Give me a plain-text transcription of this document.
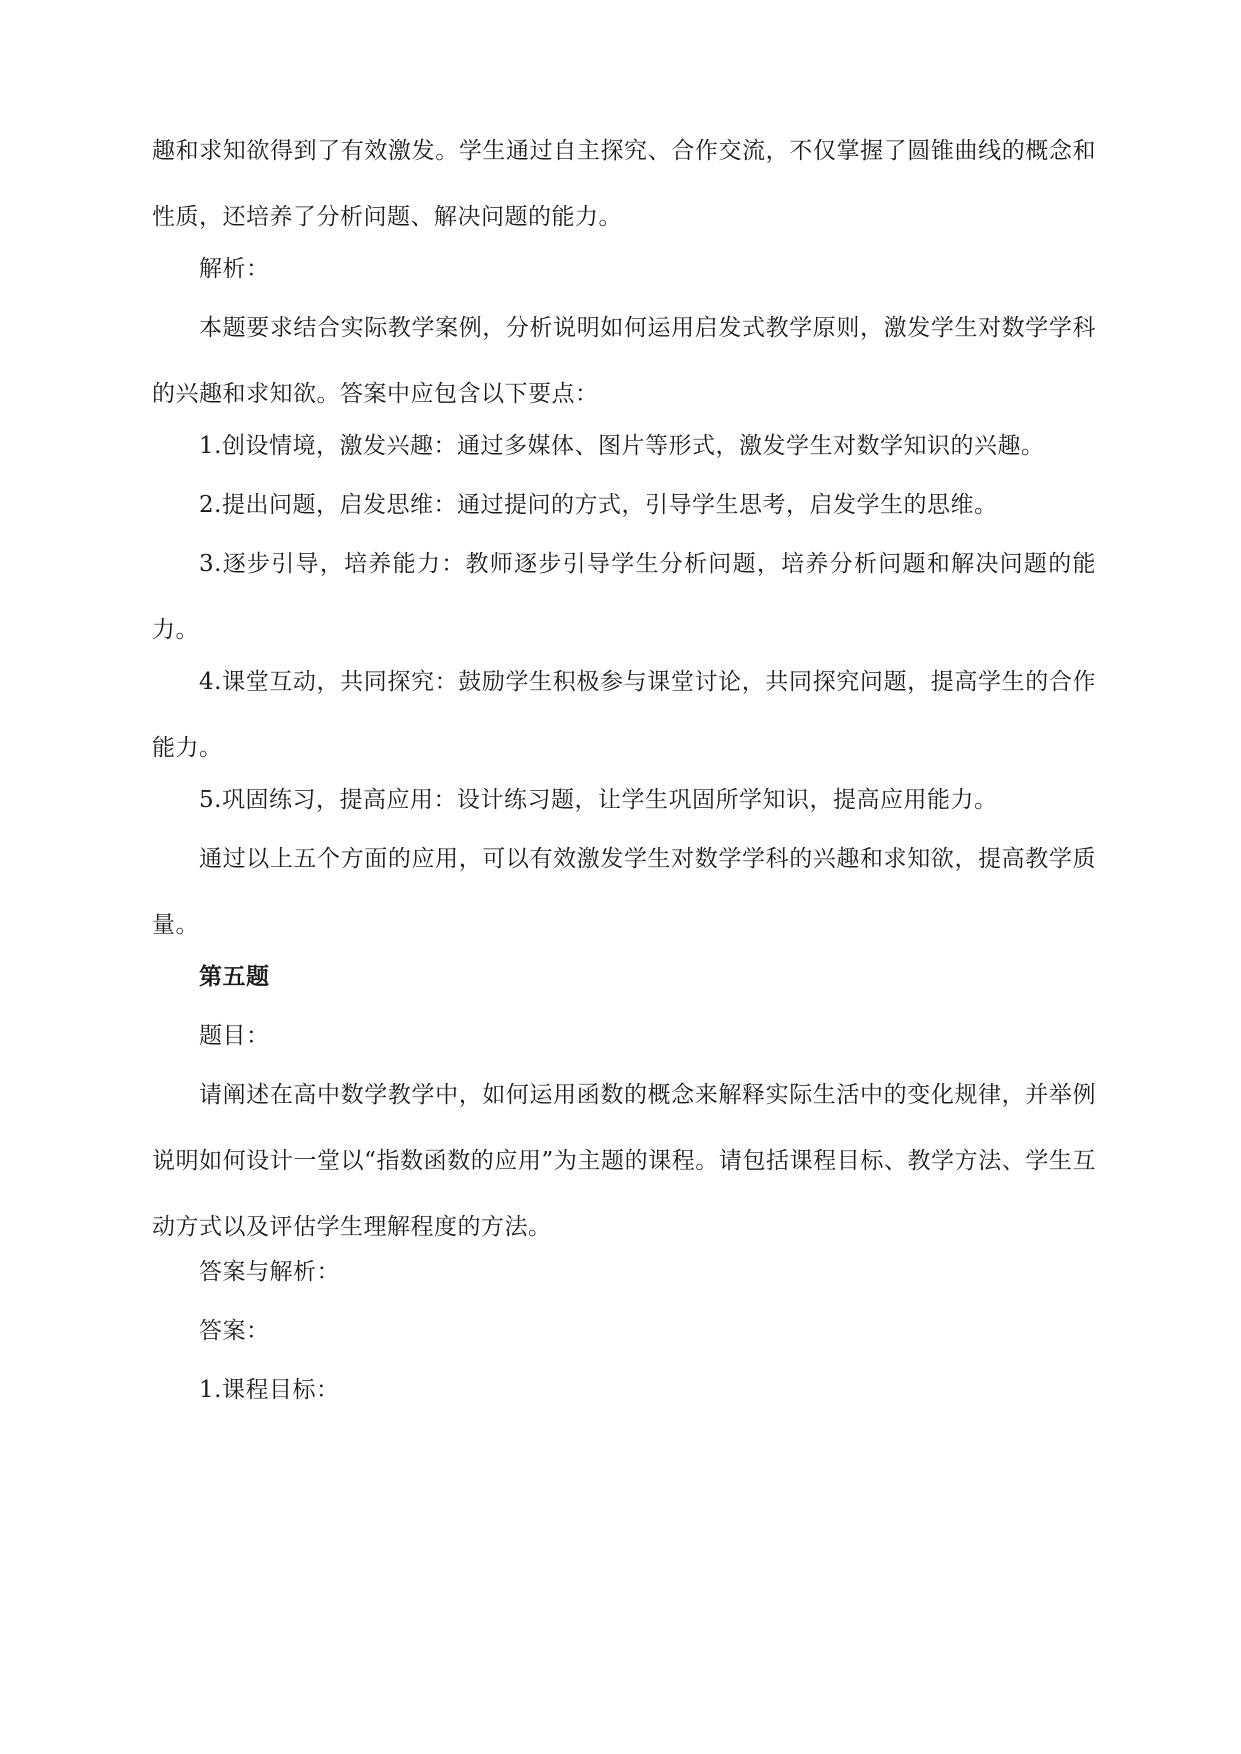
趣和求知欲得到了有效激发。学生通过自主探究、合作交流，不仅掌握了圆锥曲线的概念和性质，还培养了分析问题、解决问题的能力。

解析：

本题要求结合实际教学案例，分析说明如何运用启发式教学原则，激发学生对数学学科的兴趣和求知欲。答案中应包含以下要点：

1.创设情境，激发兴趣：通过多媒体、图片等形式，激发学生对数学知识的兴趣。

2.提出问题，启发思维：通过提问的方式，引导学生思考，启发学生的思维。

3.逐步引导，培养能力：教师逐步引导学生分析问题，培养分析问题和解决问题的能力。

4.课堂互动，共同探究：鼓励学生积极参与课堂讨论，共同探究问题，提高学生的合作能力。

5.巩固练习，提高应用：设计练习题，让学生巩固所学知识，提高应用能力。

通过以上五个方面的应用，可以有效激发学生对数学学科的兴趣和求知欲，提高教学质量。

第五题

题目：

请阐述在高中数学教学中，如何运用函数的概念来解释实际生活中的变化规律，并举例说明如何设计一堂以“指数函数的应用”为主题的课程。请包括课程目标、教学方法、学生互动方式以及评估学生理解程度的方法。

答案与解析：

答案：

1.课程目标：
